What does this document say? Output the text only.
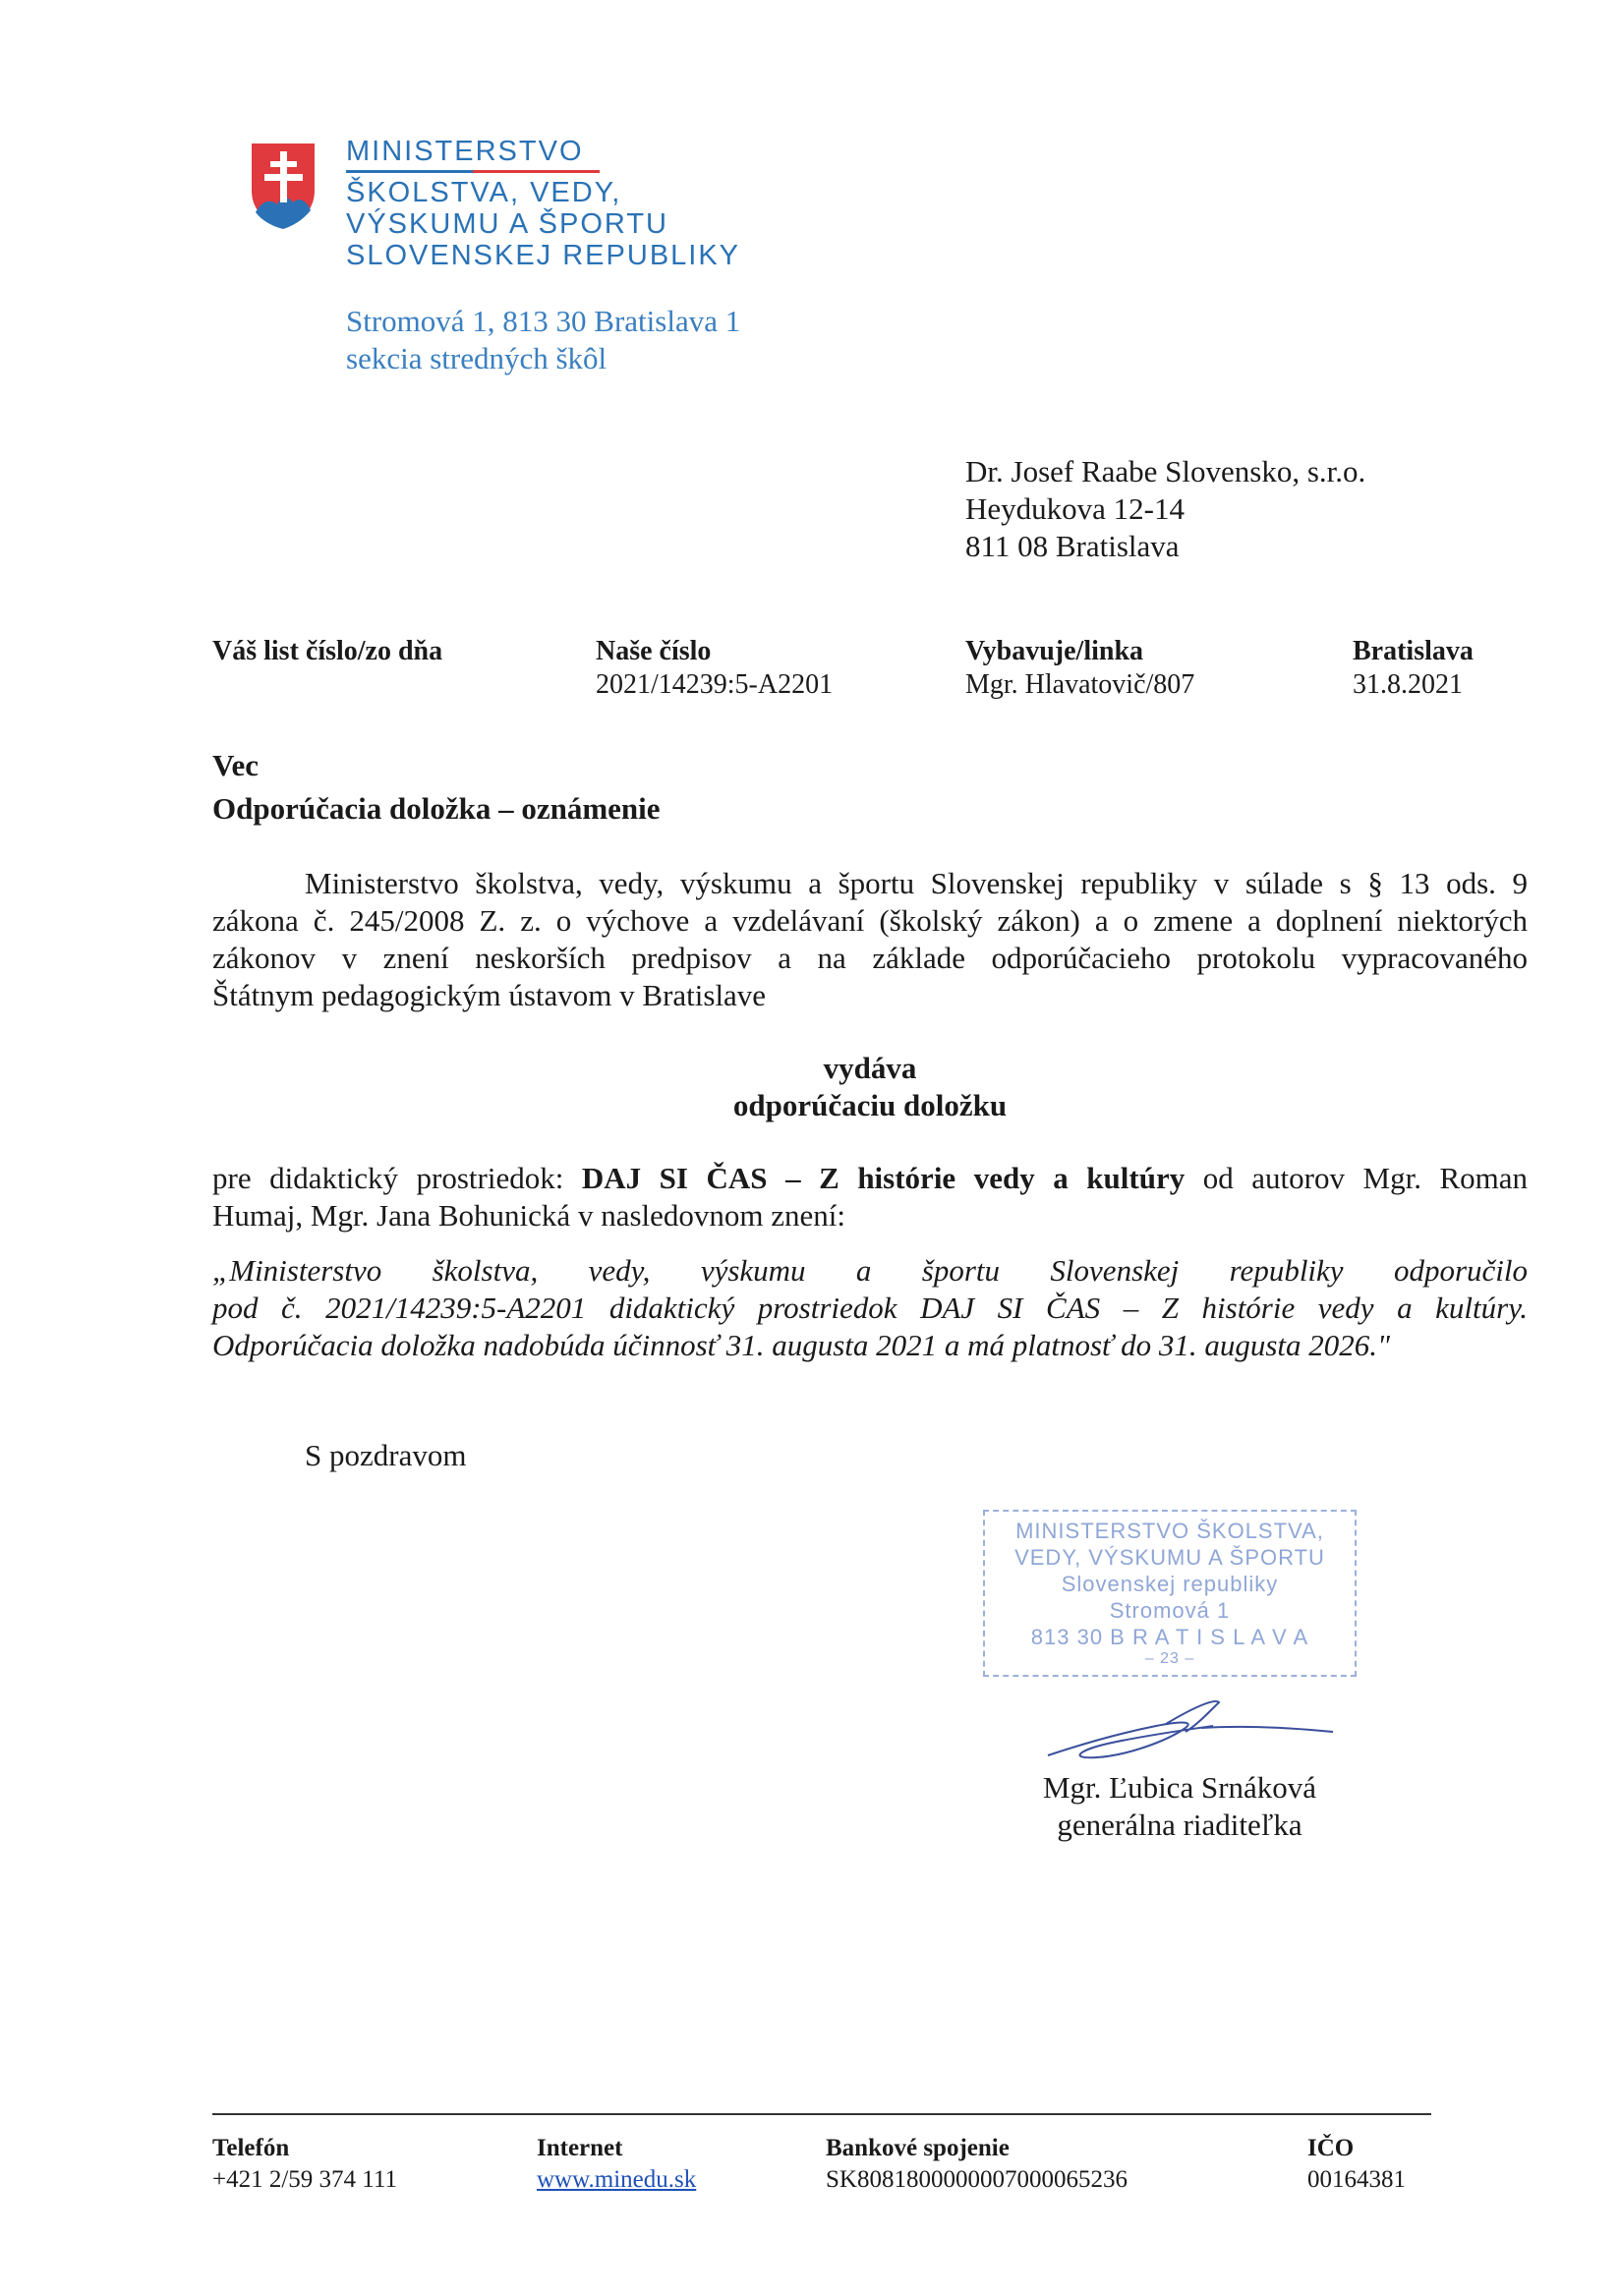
MINISTERSTVO
ŠKOLSTVA, VEDY,
VÝSKUMU A ŠPORTU
SLOVENSKEJ REPUBLIKY
Stromová 1, 813 30 Bratislava 1
sekcia stredných škôl
Dr. Josef Raabe Slovensko, s.r.o.
Heydukova 12-14
811 08 Bratislava
Váš list číslo/zo dňa	Naše číslo
2021/14239:5-A2201
Vybavuje/linka
Mgr. Hlavatovič/807
Bratislava
31.8.2021
Vec
Odporúčacia doložka – oznámenie
Ministerstvo školstva, vedy, výskumu a športu Slovenskej republiky v súlade s § 13 ods. 9
zákona č. 245/2008 Z. z. o výchove a vzdelávaní (školský zákon) a o zmene a doplnení niektorých
zákonov v znení neskorších predpisov a na základe odporúčacieho protokolu vypracovaného
Štátnym pedagogickým ústavom v Bratislave
vydáva
odporúčaciu doložku
pre didaktický prostriedok: DAJ SI ČAS – Z histórie vedy a kultúry od autorov Mgr. Roman
Humaj, Mgr. Jana Bohunická v nasledovnom znení:
„Ministerstvo školstva, vedy, výskumu a športu Slovenskej republiky odporučilo
pod č. 2021/14239:5-A2201 didaktický prostriedok DAJ SI ČAS – Z histórie vedy a kultúry.
Odporúčacia doložka nadobúda účinnosť 31. augusta 2021 a má platnosť do 31. augusta 2026."
S pozdravom
MINISTERSTVO ŠKOLSTVA,
VEDY, VÝSKUMU A ŠPORTU
Slovenskej republiky
Stromová 1
813 30 B R A T I S L A V A
– 23 –
Mgr. Ľubica Srnáková
generálna riaditeľka
Telefón
+421 2/59 374 111
Internet
www.minedu.sk
Bankové spojenie
SK8081800000007000065236
IČO
00164381
